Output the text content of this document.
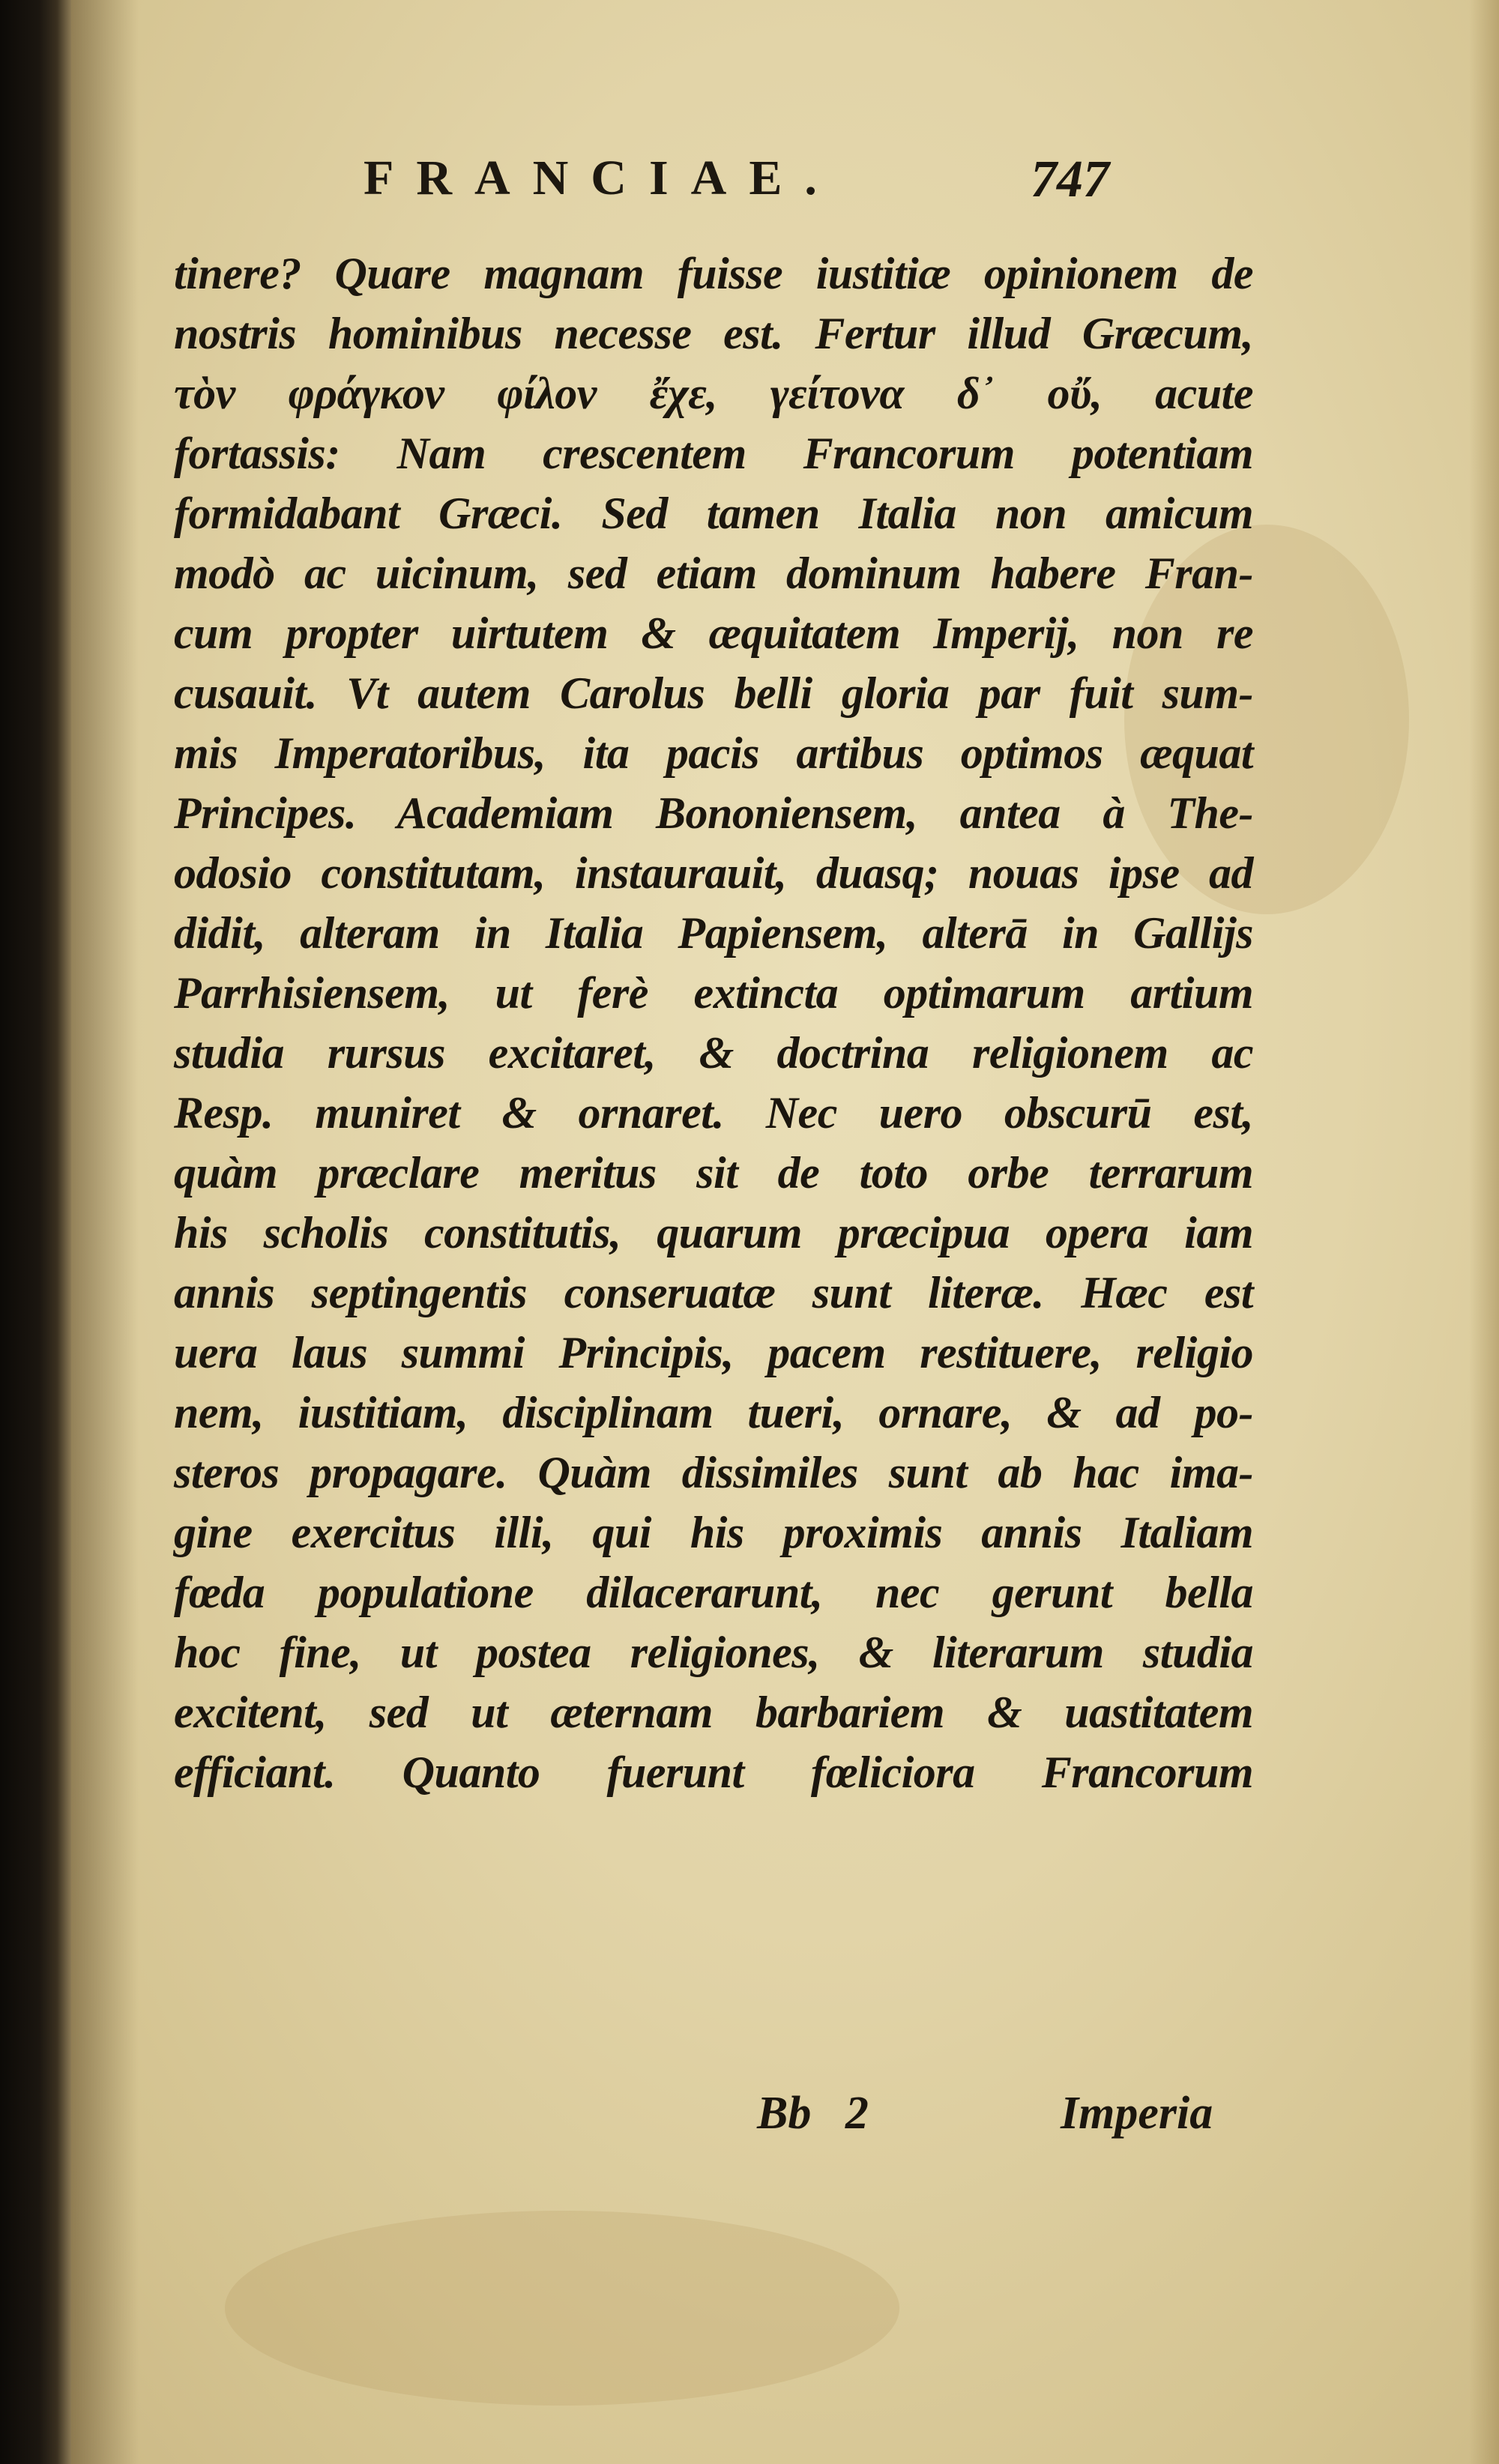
FRANCIAE.	747
tinere? Quare magnam fuisse iustitiæ opinionem de
nostris hominibus necesse est. Fertur illud Græcum,
τὸν φράγκον φίλον ἔχε, γείτονα δ᾽ οὔ, acute
fortassis: Nam crescentem Francorum potentiam
formidabant Græci. Sed tamen Italia non amicum
modò ac uicinum, sed etiam dominum habere Fran-
cum propter uirtutem & æquitatem Imperij, non re
cusauit. Vt autem Carolus belli gloria par fuit sum-
mis Imperatoribus, ita pacis artibus optimos æquat
Principes. Academiam Bononiensem, antea à The-
odosio constitutam, instaurauit, duasq; nouas ipse ad
didit, alteram in Italia Papiensem, alterā in Gallijs
Parrhisiensem, ut ferè extincta optimarum artium
studia rursus excitaret, & doctrina religionem ac
Resp. muniret & ornaret. Nec uero obscurū est,
quàm præclare meritus sit de toto orbe terrarum
his scholis constitutis, quarum præcipua opera iam
annis septingentis conseruatæ sunt literæ. Hæc est
uera laus summi Principis, pacem restituere, religio
nem, iustitiam, disciplinam tueri, ornare, & ad po-
steros propagare. Quàm dissimiles sunt ab hac ima-
gine exercitus illi, qui his proximis annis Italiam
fœda populatione dilacerarunt, nec gerunt bella
hoc fine, ut postea religiones, & literarum studia
excitent, sed ut æternam barbariem & uastitatem
efficiant. Quanto fuerunt fœliciora Francorum
Bb 2	Imperia
